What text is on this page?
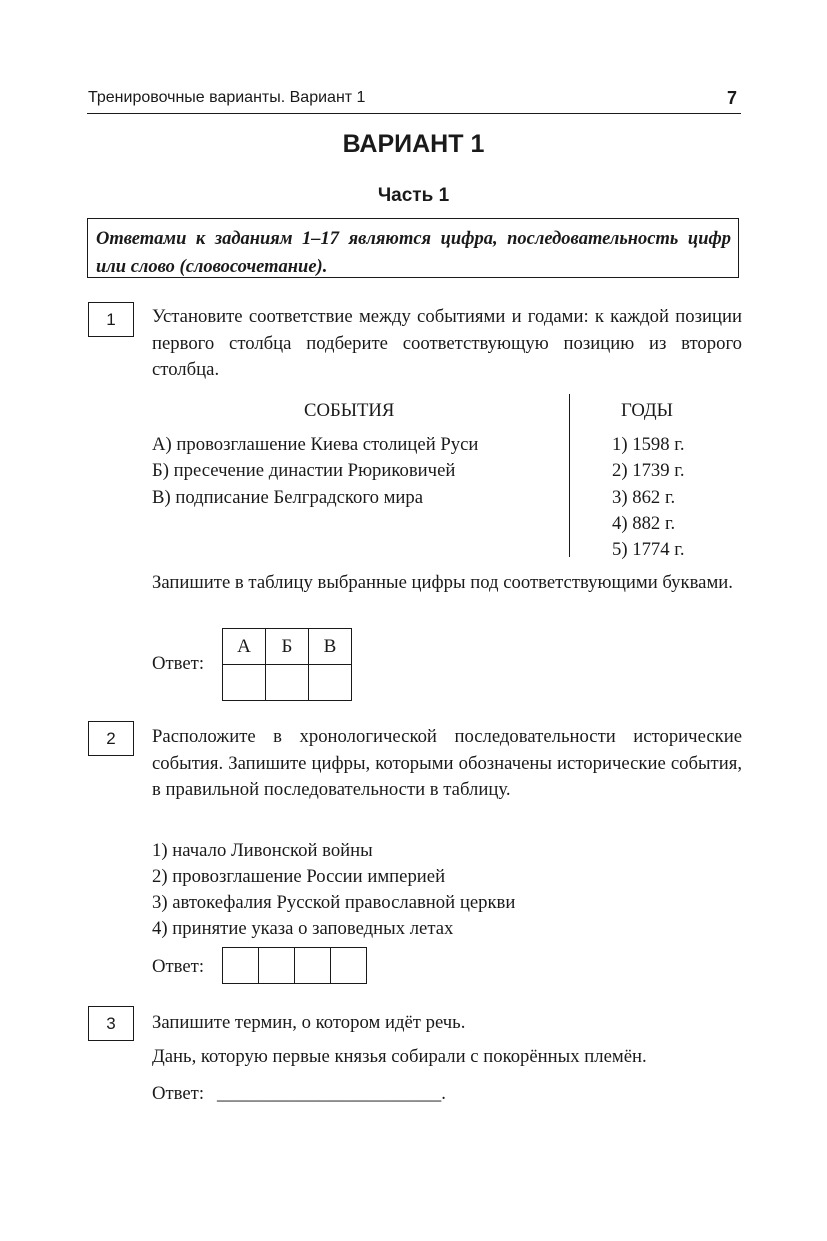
Тренировочные варианты. Вариант 1	7
ВАРИАНТ 1
Часть 1
Ответами к заданиям 1–17 являются цифра, последовательность цифр или слово (словосочетание).
1	Установите соответствие между событиями и годами: к каждой позиции первого столбца подберите соответствующую позицию из второго столбца.
СОБЫТИЯ	ГОДЫ
А) провозглашение Киева столицей Руси
Б) пресечение династии Рюриковичей
В) подписание Белградского мира
1) 1598 г.
2) 1739 г.
3) 862 г.
4) 882 г.
5) 1774 г.
Запишите в таблицу выбранные цифры под соответствующими буквами.
Ответ:
А	Б	В

2	Расположите в хронологической последовательности исторические события. Запишите цифры, которыми обозначены исторические события, в правильной последовательности в таблицу.
1) начало Ливонской войны
2) провозглашение России империей
3) автокефалия Русской православной церкви
4) принятие указа о заповедных летах
Ответ:

3	Запишите термин, о котором идёт речь.
Дань, которую первые князья собирали с покорённых племён.
Ответ: ________________________.
